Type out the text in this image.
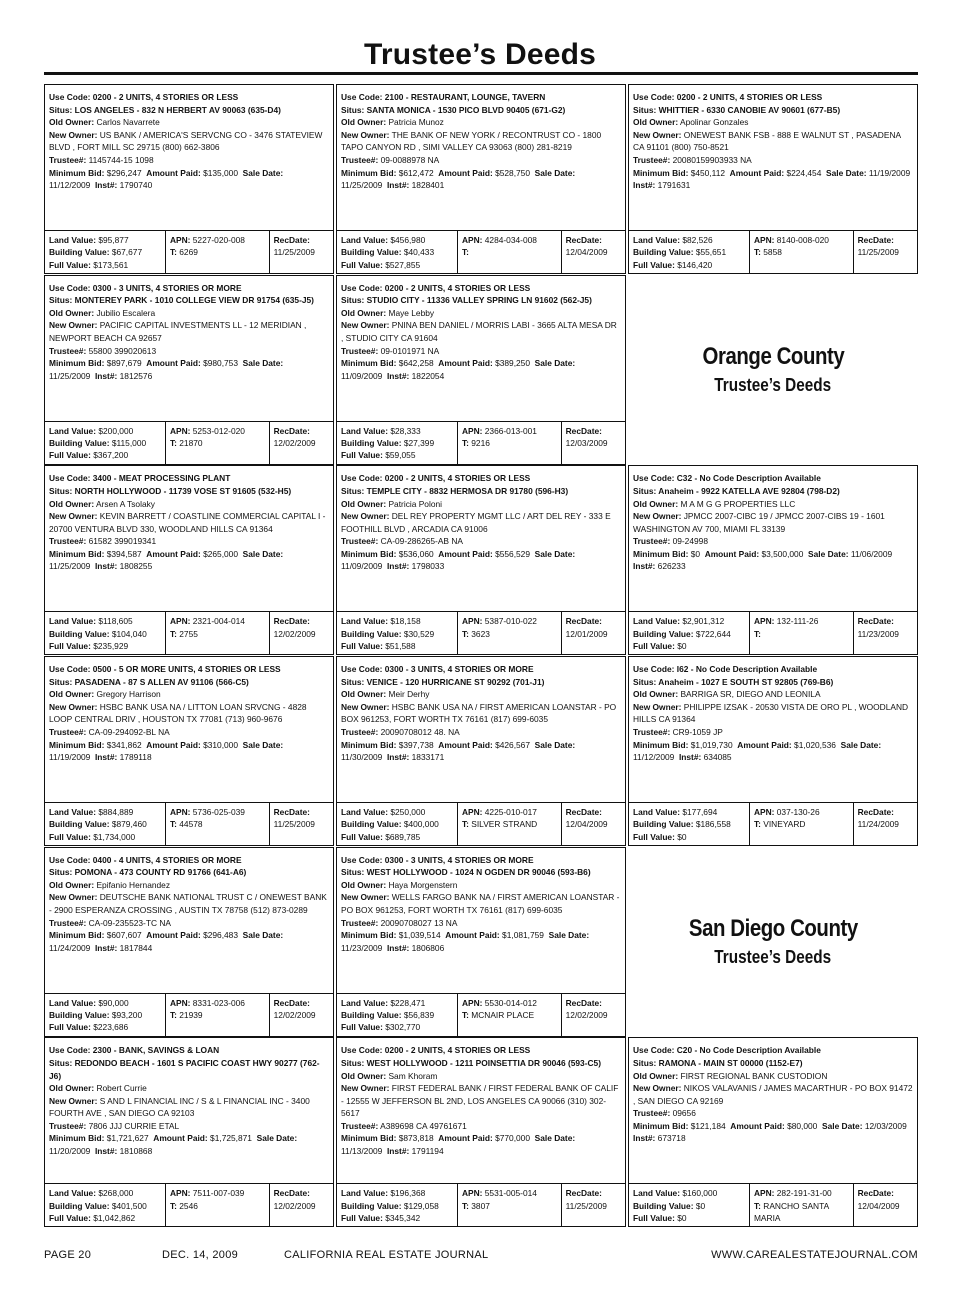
Trustee’s Deeds
Use Code: 0200 - 2 UNITS, 4 STORIES OR LESS
Situs: LOS ANGELES - 832 N HERBERT AV 90063 (635-D4)
Old Owner: Carlos Navarrete
New Owner: US BANK / AMERICA'S SERVCNG CO - 3476 STATEVIEW BLVD , FORT MILL SC 29715 (800) 662-3806
Trustee#: 1145744-15 1098
Minimum Bid: $296,247 Amount Paid: $135,000 Sale Date: 11/12/2009 Inst#: 1790740
Land Value: $95,877
Building Value: $67,677
Full Value: $173,561
APN: 5227-020-008
T: 6269
RecDate:
11/25/2009
Use Code: 2100 - RESTAURANT, LOUNGE, TAVERN
Situs: SANTA MONICA - 1530 PICO BLVD 90405 (671-G2)
Old Owner: Patricia Munoz
New Owner: THE BANK OF NEW YORK / RECONTRUST CO - 1800 TAPO CANYON RD , SIMI VALLEY CA 93063 (800) 281-8219
Trustee#: 09-0088978 NA
Minimum Bid: $612,472 Amount Paid: $528,750 Sale Date: 11/25/2009 Inst#: 1828401
Land Value: $456,980
Building Value: $40,433
Full Value: $527,855
APN: 4284-034-008
T:
RecDate:
12/04/2009
Use Code: 0200 - 2 UNITS, 4 STORIES OR LESS
Situs: WHITTIER - 6330 CANOBIE AV 90601 (677-B5)
Old Owner: Apolinar Gonzales
New Owner: ONEWEST BANK FSB - 888 E WALNUT ST , PASADENA CA 91101 (800) 750-8521
Trustee#: 20080159903933 NA
Minimum Bid: $450,112 Amount Paid: $224,454 Sale Date: 11/19/2009  Inst#: 1791631
Land Value: $82,526
Building Value: $55,651
Full Value: $146,420
APN: 8140-008-020
T: 5858
RecDate:
11/25/2009
Use Code: 0300 - 3 UNITS, 4 STORIES OR MORE
Situs: MONTEREY PARK - 1010 COLLEGE VIEW DR 91754 (635-J5)
Old Owner: Jubilio Escalera
New Owner: PACIFIC CAPITAL INVESTMENTS LL - 12 MERIDIAN , NEWPORT BEACH CA 92657
Trustee#: 55800 399020613
Minimum Bid: $897,679 Amount Paid: $980,753 Sale Date: 11/25/2009 Inst#: 1812576
Land Value: $200,000
Building Value: $115,000
Full Value: $367,200
APN: 5253-012-020
T: 21870
RecDate:
12/02/2009
Use Code: 0200 - 2 UNITS, 4 STORIES OR LESS
Situs: STUDIO CITY - 11336 VALLEY SPRING LN 91602 (562-J5)
Old Owner: Maye Lebby
New Owner: PNINA BEN DANIEL / MORRIS LABI - 3665 ALTA MESA DR , STUDIO CITY CA 91604
Trustee#: 09-0101971 NA
Minimum Bid: $642,258 Amount Paid: $389,250 Sale Date: 11/09/2009 Inst#: 1822054
Land Value: $28,333
Building Value: $27,399
Full Value: $59,055
APN: 2366-013-001
T: 9216
RecDate:
12/03/2009
Orange County
Trustee’s Deeds
Use Code: 3400 - MEAT PROCESSING PLANT
Situs: NORTH HOLLYWOOD - 11739 VOSE ST 91605 (532-H5)
Old Owner: Arsen A Tsolaky
New Owner: KEVIN BARRETT / COASTLINE COMMERCIAL CAPITAL I - 20700 VENTURA BLVD 330, WOODLAND HILLS CA 91364
Trustee#: 61582 399019341
Minimum Bid: $394,587 Amount Paid: $265,000 Sale Date: 11/25/2009 Inst#: 1808255
Land Value: $118,605
Building Value: $104,040
Full Value: $235,929
APN: 2321-004-014
T: 2755
RecDate:
12/02/2009
Use Code: 0200 - 2 UNITS, 4 STORIES OR LESS
Situs: TEMPLE CITY - 8832 HERMOSA DR 91780 (596-H3)
Old Owner: Patricia Poloni
New Owner: DEL REY PROPERTY MGMT LLC / ART DEL REY - 333 E FOOTHILL BLVD , ARCADIA CA 91006
Trustee#: CA-09-286265-AB NA
Minimum Bid: $536,060 Amount Paid: $556,529 Sale Date: 11/09/2009 Inst#: 1798033
Land Value: $18,158
Building Value: $30,529
Full Value: $51,588
APN: 5387-010-022
T: 3623
RecDate:
12/01/2009
Use Code: C32 - No Code Description Available
Situs: Anaheim - 9922 KATELLA AVE 92804 (798-D2)
Old Owner: M A M G G PROPERTIES LLC
New Owner: JPMCC 2007-CIBC 19 / JPMCC 2007-CIBS 19 - 1601 WASHINGTON AV 700, MIAMI FL 33139
Trustee#: 09-24998
Minimum Bid: $0 Amount Paid: $3,500,000 Sale Date: 11/06/2009  Inst#: 626233
Land Value: $2,901,312
Building Value: $722,644
Full Value: $0
APN: 132-111-26
T:
RecDate:
11/23/2009
Use Code: 0500 - 5 OR MORE UNITS, 4 STORIES OR LESS
Situs: PASADENA - 87 S ALLEN AV 91106 (566-C5)
Old Owner: Gregory Harrison
New Owner: HSBC BANK USA NA / LITTON LOAN SRVCNG - 4828 LOOP CENTRAL DRIV , HOUSTON TX 77081 (713) 960-9676
Trustee#: CA-09-294092-BL NA
Minimum Bid: $341,862 Amount Paid: $310,000 Sale Date: 11/19/2009 Inst#: 1789118
Land Value: $884,889
Building Value: $879,460
Full Value: $1,734,000
APN: 5736-025-039
T: 44578
RecDate:
11/25/2009
Use Code: 0300 - 3 UNITS, 4 STORIES OR MORE
Situs: VENICE - 120 HURRICANE ST 90292 (701-J1)
Old Owner: Meir Derhy
New Owner: HSBC BANK USA NA / FIRST AMERICAN LOANSTAR - PO BOX 961253, FORT WORTH TX 76161 (817) 699-6035
Trustee#: 20090708012 48. NA
Minimum Bid: $397,738 Amount Paid: $426,567 Sale Date: 11/30/2009 Inst#: 1833171
Land Value: $250,000
Building Value: $400,000
Full Value: $689,785
APN: 4225-010-017
T: SILVER STRAND
RecDate:
12/04/2009
Use Code: I62 - No Code Description Available
Situs: Anaheim - 1027 E SOUTH ST 92805 (769-B6)
Old Owner: BARRIGA SR, DIEGO AND LEONILA
New Owner: PHILIPPE IZSAK - 20530 VISTA DE ORO PL , WOODLAND HILLS CA 91364
Trustee#: CR9-1059 JP
Minimum Bid: $1,019,730 Amount Paid: $1,020,536 Sale Date: 11/12/2009 Inst#: 634085
Land Value: $177,694
Building Value: $186,558
Full Value: $0
APN: 037-130-26
T: VINEYARD
RecDate:
11/24/2009
Use Code: 0400 - 4 UNITS, 4 STORIES OR MORE
Situs: POMONA - 473 COUNTY RD 91766 (641-A6)
Old Owner: Epifanio Hernandez
New Owner: DEUTSCHE BANK NATIONAL TRUST C / ONEWEST BANK - 2900 ESPERANZA CROSSING , AUSTIN TX 78758 (512) 873-0289
Trustee#: CA-09-235523-TC NA
Minimum Bid: $607,607 Amount Paid: $296,483 Sale Date: 11/24/2009 Inst#: 1817844
Land Value: $90,000
Building Value: $93,200
Full Value: $223,686
APN: 8331-023-006
T: 21939
RecDate:
12/02/2009
Use Code: 0300 - 3 UNITS, 4 STORIES OR MORE
Situs: WEST HOLLYWOOD - 1024 N OGDEN DR 90046 (593-B6)
Old Owner: Haya Morgenstern
New Owner: WELLS FARGO BANK NA / FIRST AMERICAN LOANSTAR - PO BOX 961253, FORT WORTH TX 76161 (817) 699-6035
Trustee#: 20090708027 13 NA
Minimum Bid: $1,039,514 Amount Paid: $1,081,759 Sale Date: 11/23/2009 Inst#: 1806806
Land Value: $228,471
Building Value: $56,839
Full Value: $302,770
APN: 5530-014-012
T: MCNAIR PLACE
RecDate:
12/02/2009
San Diego County
Trustee’s Deeds
Use Code: 2300 - BANK, SAVINGS & LOAN
Situs: REDONDO BEACH - 1601 S PACIFIC COAST HWY 90277 (762-J6)
Old Owner: Robert Currie
New Owner: S AND L FINANCIAL INC / S & L FINANCIAL INC - 3400 FOURTH AVE , SAN DIEGO CA 92103
Trustee#: 7806 JJJ CURRIE ETAL
Minimum Bid: $1,721,627 Amount Paid: $1,725,871 Sale Date: 11/20/2009 Inst#: 1810868
Land Value: $268,000
Building Value: $401,500
Full Value: $1,042,862
APN: 7511-007-039
T: 2546
RecDate:
12/02/2009
Use Code: 0200 - 2 UNITS, 4 STORIES OR LESS
Situs: WEST HOLLYWOOD - 1211 POINSETTIA DR 90046 (593-C5)
Old Owner: Sam Khoram
New Owner: FIRST FEDERAL BANK / FIRST FEDERAL BANK OF CALIF - 12555 W JEFFERSON BL 2ND, LOS ANGELES CA 90066 (310) 302-5617
Trustee#: A389698 CA 49761671
Minimum Bid: $873,818 Amount Paid: $770,000 Sale Date: 11/13/2009 Inst#: 1791194
Land Value: $196,368
Building Value: $129,058
Full Value: $345,342
APN: 5531-005-014
T: 3807
RecDate:
11/25/2009
Use Code: C20 - No Code Description Available
Situs: RAMONA - MAIN ST 00000 (1152-E7)
Old Owner: FIRST REGIONAL BANK CUSTODION
New Owner: NIKOS VALAVANIS / JAMES MACARTHUR - PO BOX 91472 , SAN DIEGO CA 92169
Trustee#: 09656
Minimum Bid: $121,184 Amount Paid: $80,000 Sale Date: 12/03/2009  Inst#: 673718
Land Value: $160,000
Building Value: $0
Full Value: $0
APN: 282-191-31-00
T: RANCHO SANTA MARIA
RecDate:
12/04/2009
PAGE 20	DEC. 14, 2009	CALIFORNIA REAL ESTATE JOURNAL	WWW.CAREALESTATEJOURNAL.COM
